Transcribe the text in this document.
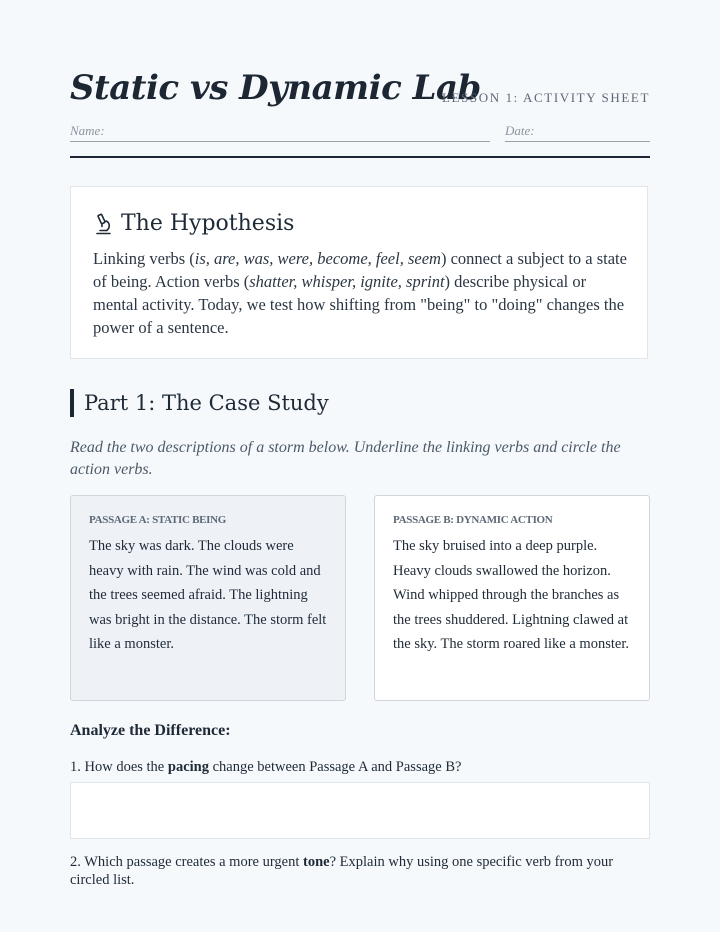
Static vs Dynamic Lab
LESSON 1: ACTIVITY SHEET
Name:	Date:
The Hypothesis
Linking verbs (is, are, was, were, become, feel, seem) connect a subject to a state of being. Action verbs (shatter, whisper, ignite, sprint) describe physical or mental activity. Today, we test how shifting from "being" to "doing" changes the power of a sentence.
Part 1: The Case Study
Read the two descriptions of a storm below. Underline the linking verbs and circle the action verbs.
PASSAGE A: STATIC BEING
The sky was dark. The clouds were heavy with rain. The wind was cold and the trees seemed afraid. The lightning was bright in the distance. The storm felt like a monster.
PASSAGE B: DYNAMIC ACTION
The sky bruised into a deep purple. Heavy clouds swallowed the horizon. Wind whipped through the branches as the trees shuddered. Lightning clawed at the sky. The storm roared like a monster.
Analyze the Difference:
1. How does the pacing change between Passage A and Passage B?
2. Which passage creates a more urgent tone? Explain why using one specific verb from your circled list.
